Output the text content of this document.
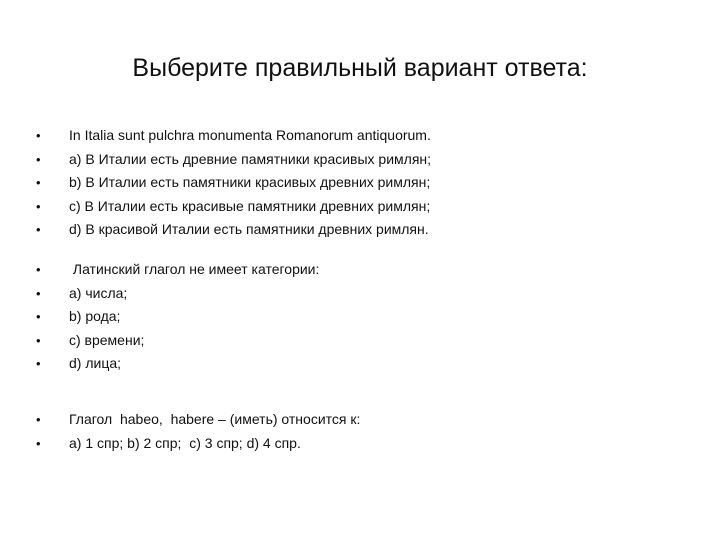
Выберите правильный вариант ответа:
•	In Italia sunt pulchra monumenta Romanorum antiquorum.
•	a) В Италии есть древние памятники красивых римлян;
•	b) В Италии есть памятники красивых древних римлян;
•	c) В Италии есть красивые памятники древних римлян;
•	d) В красивой Италии есть памятники древних римлян.
•	Латинский глагол не имеет категории:
•	a) числа;
•	b) рода;
•	c) времени;
•	d) лица;
•	Глагол  habeo,  habere – (иметь) относится к:
•	a) 1 спр; b) 2 спр;  c) 3 спр; d) 4 спр.
